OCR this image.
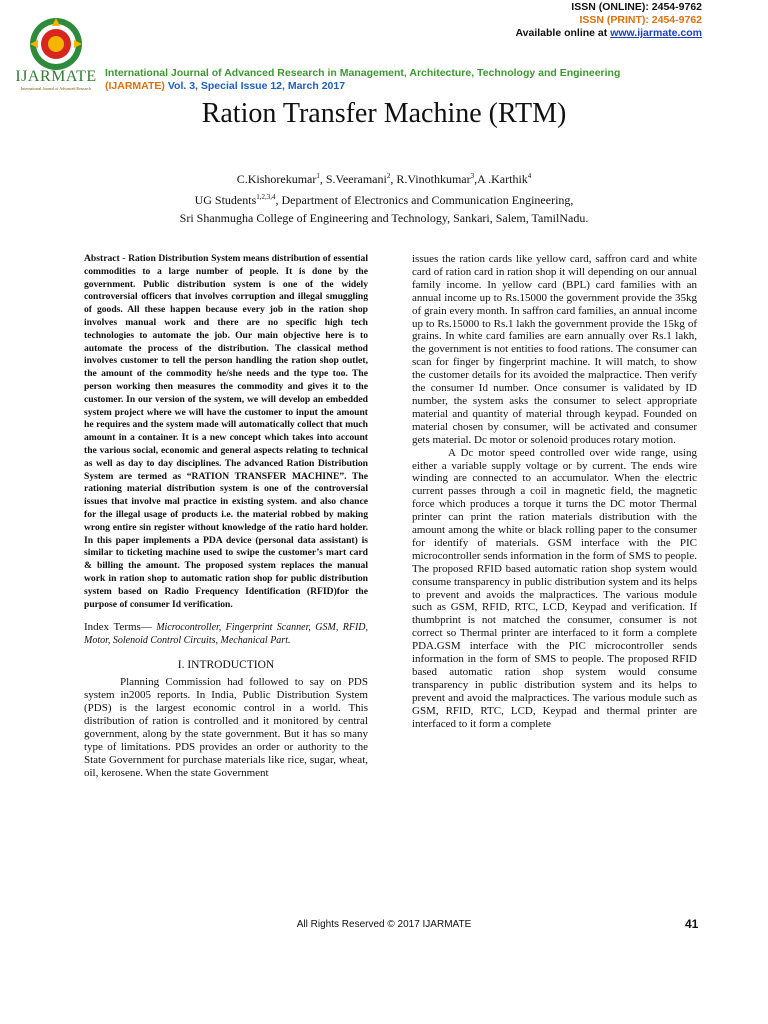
IJARMATE
International Journal of Advanced Research
ISSN (ONLINE): 2454-9762
ISSN (PRINT): 2454-9762
Available online at www.ijarmate.com
International Journal of Advanced Research in Management, Architecture, Technology and Engineering
(IJARMATE) Vol. 3, Special Issue 12, March 2017
Ration Transfer Machine (RTM)
C.Kishorekumar$^1$, S.Veeramani$^2$, R.Vinothkumar$^3$,A .Karthik$^4$
UG Students$^{1,2,3,4}$, Department of Electronics and Communication Engineering,
Sri Shanmugha College of Engineering and Technology, Sankari, Salem, TamilNadu.
Abstract - Ration Distribution System means distribution of essential commodities to a large number of people. It is done by the government. Public distribution system is one of the widely controversial officers that involves corruption and illegal smuggling of goods. All these happen because every job in the ration shop involves manual work and there are no specific high tech technologies to automate the job. Our main objective here is to automate the process of the distribution. The classical method involves customer to tell the person handling the ration shop outlet, the amount of the commodity he/she needs and the type too. The person working then measures the commodity and gives it to the customer. In our version of the system, we will develop an embedded system project where we will have the customer to input the amount he requires and the system made will automatically collect that much amount in a container. It is a new concept which takes into account the various social, economic and general aspects relating to technical as well as day to day disciplines. The advanced Ration Distribution System are termed as “RATION TRANSFER MACHINE”. The rationing material distribution system is one of the controversial issues that involve mal practice in existing system. and also chance for the illegal usage of products i.e. the material robbed by making wrong entire sin register without knowledge of the ratio hard holder. In this paper implements a PDA device (personal data assistant) is similar to ticketing machine used to swipe the customer’s mart card & billing the amount. The proposed system replaces the manual work in ration shop to automatic ration shop for public distribution system based on Radio Frequency Identification (RFID)for the purpose of consumer Id verification.
Index Terms— Microcontroller, Fingerprint Scanner, GSM, RFID, Motor, Solenoid Control Circuits, Mechanical Part.
I. INTRODUCTION

Planning Commission had followed to say on PDS system in2005 reports. In India, Public Distribution System (PDS) is the largest economic control in a world. This distribution of ration is controlled and it monitored by central government, along by the state government. But it has so many type of limitations. PDS provides an order or authority to the State Government for purchase materials like rice, sugar, wheat, oil, kerosene. When the state Government

issues the ration cards like yellow card, saffron card and white card of ration card in ration shop it will depending on our annual family income. In yellow card (BPL) card families with an annual income up to Rs.15000 the government provide the 35kg of grain every month. In saffron card families, an annual income up to Rs.15000 to Rs.1 lakh the government provide the 15kg of grains. In white card families are earn annually over Rs.1 lakh, the government is not entities to food rations. The consumer can scan for finger by fingerprint machine. It will match, to show the customer details for its avoided the malpractice. Then verify the consumer Id number. Once consumer is validated by ID number, the system asks the consumer to select appropriate material and quantity of material through keypad. Founded on material chosen by consumer, will be activated and consumer gets material. Dc motor or solenoid produces rotary motion.

A Dc motor speed controlled over wide range, using either a variable supply voltage or by current. The ends wire winding are connected to an accumulator. When the electric current passes through a coil in magnetic field, the magnetic force which produces a torque it turns the DC motor Thermal printer can print the ration materials distribution with the amount among the white or black rolling paper to the consumer for identify of materials. GSM interface with the PIC microcontroller sends information in the form of SMS to people. The proposed RFID based automatic ration shop system would consume transparency in public distribution system and its helps to prevent and avoids the malpractices. The various module such as GSM, RFID, RTC, LCD, Keypad and verification. If thumbprint is not matched the consumer, consumer is not correct so Thermal printer are interfaced to it form a complete PDA.GSM interface with the PIC microcontroller sends information in the form of SMS to people. The proposed RFID based automatic ration shop system would consume transparency in public distribution system and its helps to prevent and avoid the malpractices. The various module such as GSM, RFID, RTC, LCD, Keypad and thermal printer are interfaced to it form a complete

All Rights Reserved © 2017 IJARMATE	41
